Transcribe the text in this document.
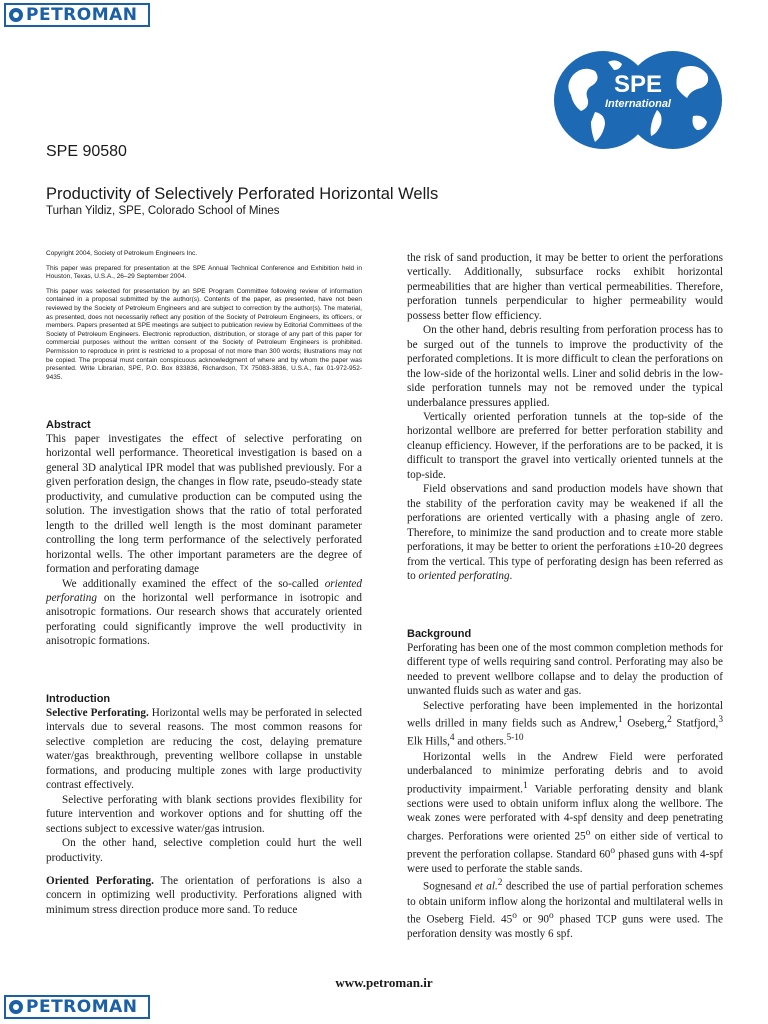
PETROMAN
SPE
International
SPE 90580
Productivity of Selectively Perforated Horizontal Wells
Turhan Yildiz, SPE, Colorado School of Mines

Copyright 2004, Society of Petroleum Engineers Inc.

This paper was prepared for presentation at the SPE Annual Technical Conference and Exhibition held in Houston, Texas, U.S.A., 26–29 September 2004.

This paper was selected for presentation by an SPE Program Committee following review of information contained in a proposal submitted by the author(s). Contents of the paper, as presented, have not been reviewed by the Society of Petroleum Engineers and are subject to correction by the author(s). The material, as presented, does not necessarily reflect any position of the Society of Petroleum Engineers, its officers, or members. Papers presented at SPE meetings are subject to publication review by Editorial Committees of the Society of Petroleum Engineers. Electronic reproduction, distribution, or storage of any part of this paper for commercial purposes without the written consent of the Society of Petroleum Engineers is prohibited. Permission to reproduce in print is restricted to a proposal of not more than 300 words; illustrations may not be copied. The proposal must contain conspicuous acknowledgment of where and by whom the paper was presented. Write Librarian, SPE, P.O. Box 833836, Richardson, TX 75083-3836, U.S.A., fax 01-972-952-9435.

Abstract

This paper investigates the effect of selective perforating on horizontal well performance. Theoretical investigation is based on a general 3D analytical IPR model that was published previously. For a given perforation design, the changes in flow rate, pseudo-steady state productivity, and cumulative production can be computed using the solution. The investigation shows that the ratio of total perforated length to the drilled well length is the most dominant parameter controlling the long term performance of the selectively perforated horizontal wells. The other important parameters are the degree of formation and perforating damage

We additionally examined the effect of the so-called oriented perforating on the horizontal well performance in isotropic and anisotropic formations. Our research shows that accurately oriented perforating could significantly improve the well productivity in anisotropic formations.

Introduction

Selective Perforating. Horizontal wells may be perforated in selected intervals due to several reasons. The most common reasons for selective completion are reducing the cost, delaying premature water/gas breakthrough, preventing wellbore collapse in unstable formations, and producing multiple zones with large productivity contrast effectively.

Selective perforating with blank sections provides flexibility for future intervention and workover options and for shutting off the sections subject to excessive water/gas intrusion.

On the other hand, selective completion could hurt the well productivity.

Oriented Perforating. The orientation of perforations is also a concern in optimizing well productivity. Perforations aligned with minimum stress direction produce more sand. To reduce

the risk of sand production, it may be better to orient the perforations vertically. Additionally, subsurface rocks exhibit horizontal permeabilities that are higher than vertical permeabilities. Therefore, perforation tunnels perpendicular to higher permeability would possess better flow efficiency.

On the other hand, debris resulting from perforation process has to be surged out of the tunnels to improve the productivity of the perforated completions. It is more difficult to clean the perforations on the low-side of the horizontal wells. Liner and solid debris in the low-side perforation tunnels may not be removed under the typical underbalance pressures applied.

Vertically oriented perforation tunnels at the top-side of the horizontal wellbore are preferred for better perforation stability and cleanup efficiency. However, if the perforations are to be packed, it is difficult to transport the gravel into vertically oriented tunnels at the top-side.

Field observations and sand production models have shown that the stability of the perforation cavity may be weakened if all the perforations are oriented vertically with a phasing angle of zero. Therefore, to minimize the sand production and to create more stable perforations, it may be better to orient the perforations ±10-20 degrees from the vertical. This type of perforating design has been referred as to oriented perforating.

Background

Perforating has been one of the most common completion methods for different type of wells requiring sand control. Perforating may also be needed to prevent wellbore collapse and to delay the production of unwanted fluids such as water and gas.

Selective perforating have been implemented in the horizontal wells drilled in many fields such as Andrew,$^1$ Oseberg,$^2$ Statfjord,$^3$ Elk Hills,$^4$ and others.$^{5-10}$

Horizontal wells in the Andrew Field were perforated underbalanced to minimize perforating debris and to avoid productivity impairment.$^1$ Variable perforating density and blank sections were used to obtain uniform influx along the wellbore. The weak zones were perforated with 4-spf density and deep penetrating charges. Perforations were oriented 25$^o$ on either side of vertical to prevent the perforation collapse. Standard 60$^o$ phased guns with 4-spf were used to perforate the stable sands.

Sognesand et al.$^2$ described the use of partial perforation schemes to obtain uniform inflow along the horizontal and multilateral wells in the Oseberg Field. 45$^o$ or 90$^o$ phased TCP guns were used. The perforation density was mostly 6 spf.

www.petroman.ir
PETROMAN
